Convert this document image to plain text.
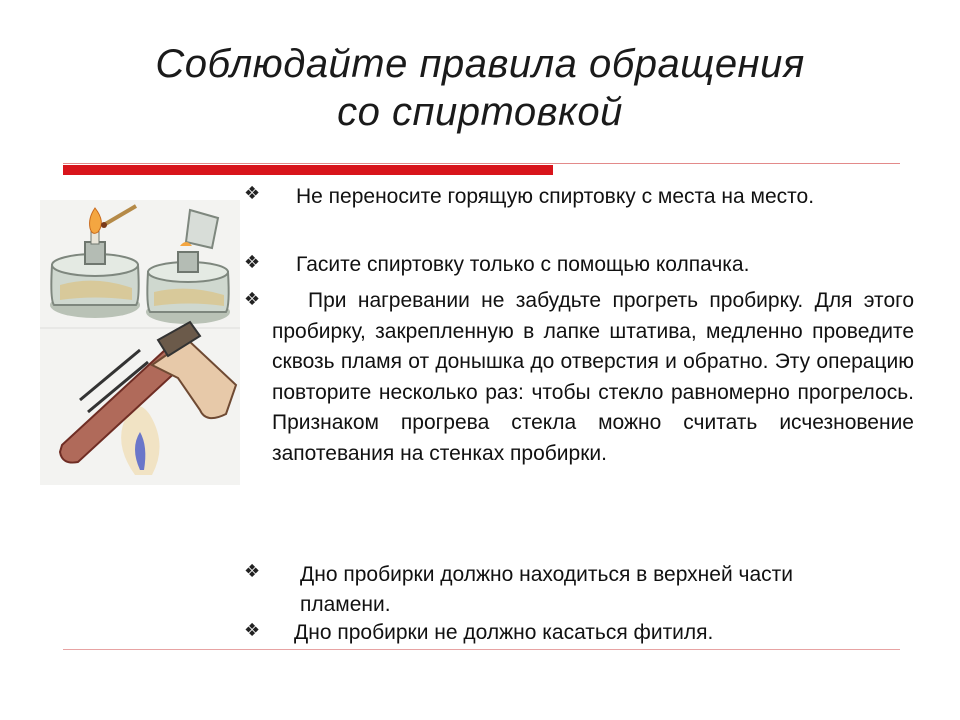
Соблюдайте правила обращения
со спиртовкой
❖	Не переносите горящую спиртовку с места на место.
❖ Гасите спиртовку только с помощью колпачка.
❖	При нагревании не забудьте прогреть пробирку. Для этого пробирку, закрепленную в лапке штатива, медленно проведите сквозь пламя от донышка до отверстия и обратно. Эту операцию повторите несколько раз: чтобы стекло равномерно прогрелось. Признаком прогрева стекла можно считать исчезновение запотевания на стенках пробирки.
❖ Дно пробирки должно находиться в верхней части пламени.
❖ Дно пробирки не должно касаться фитиля.
